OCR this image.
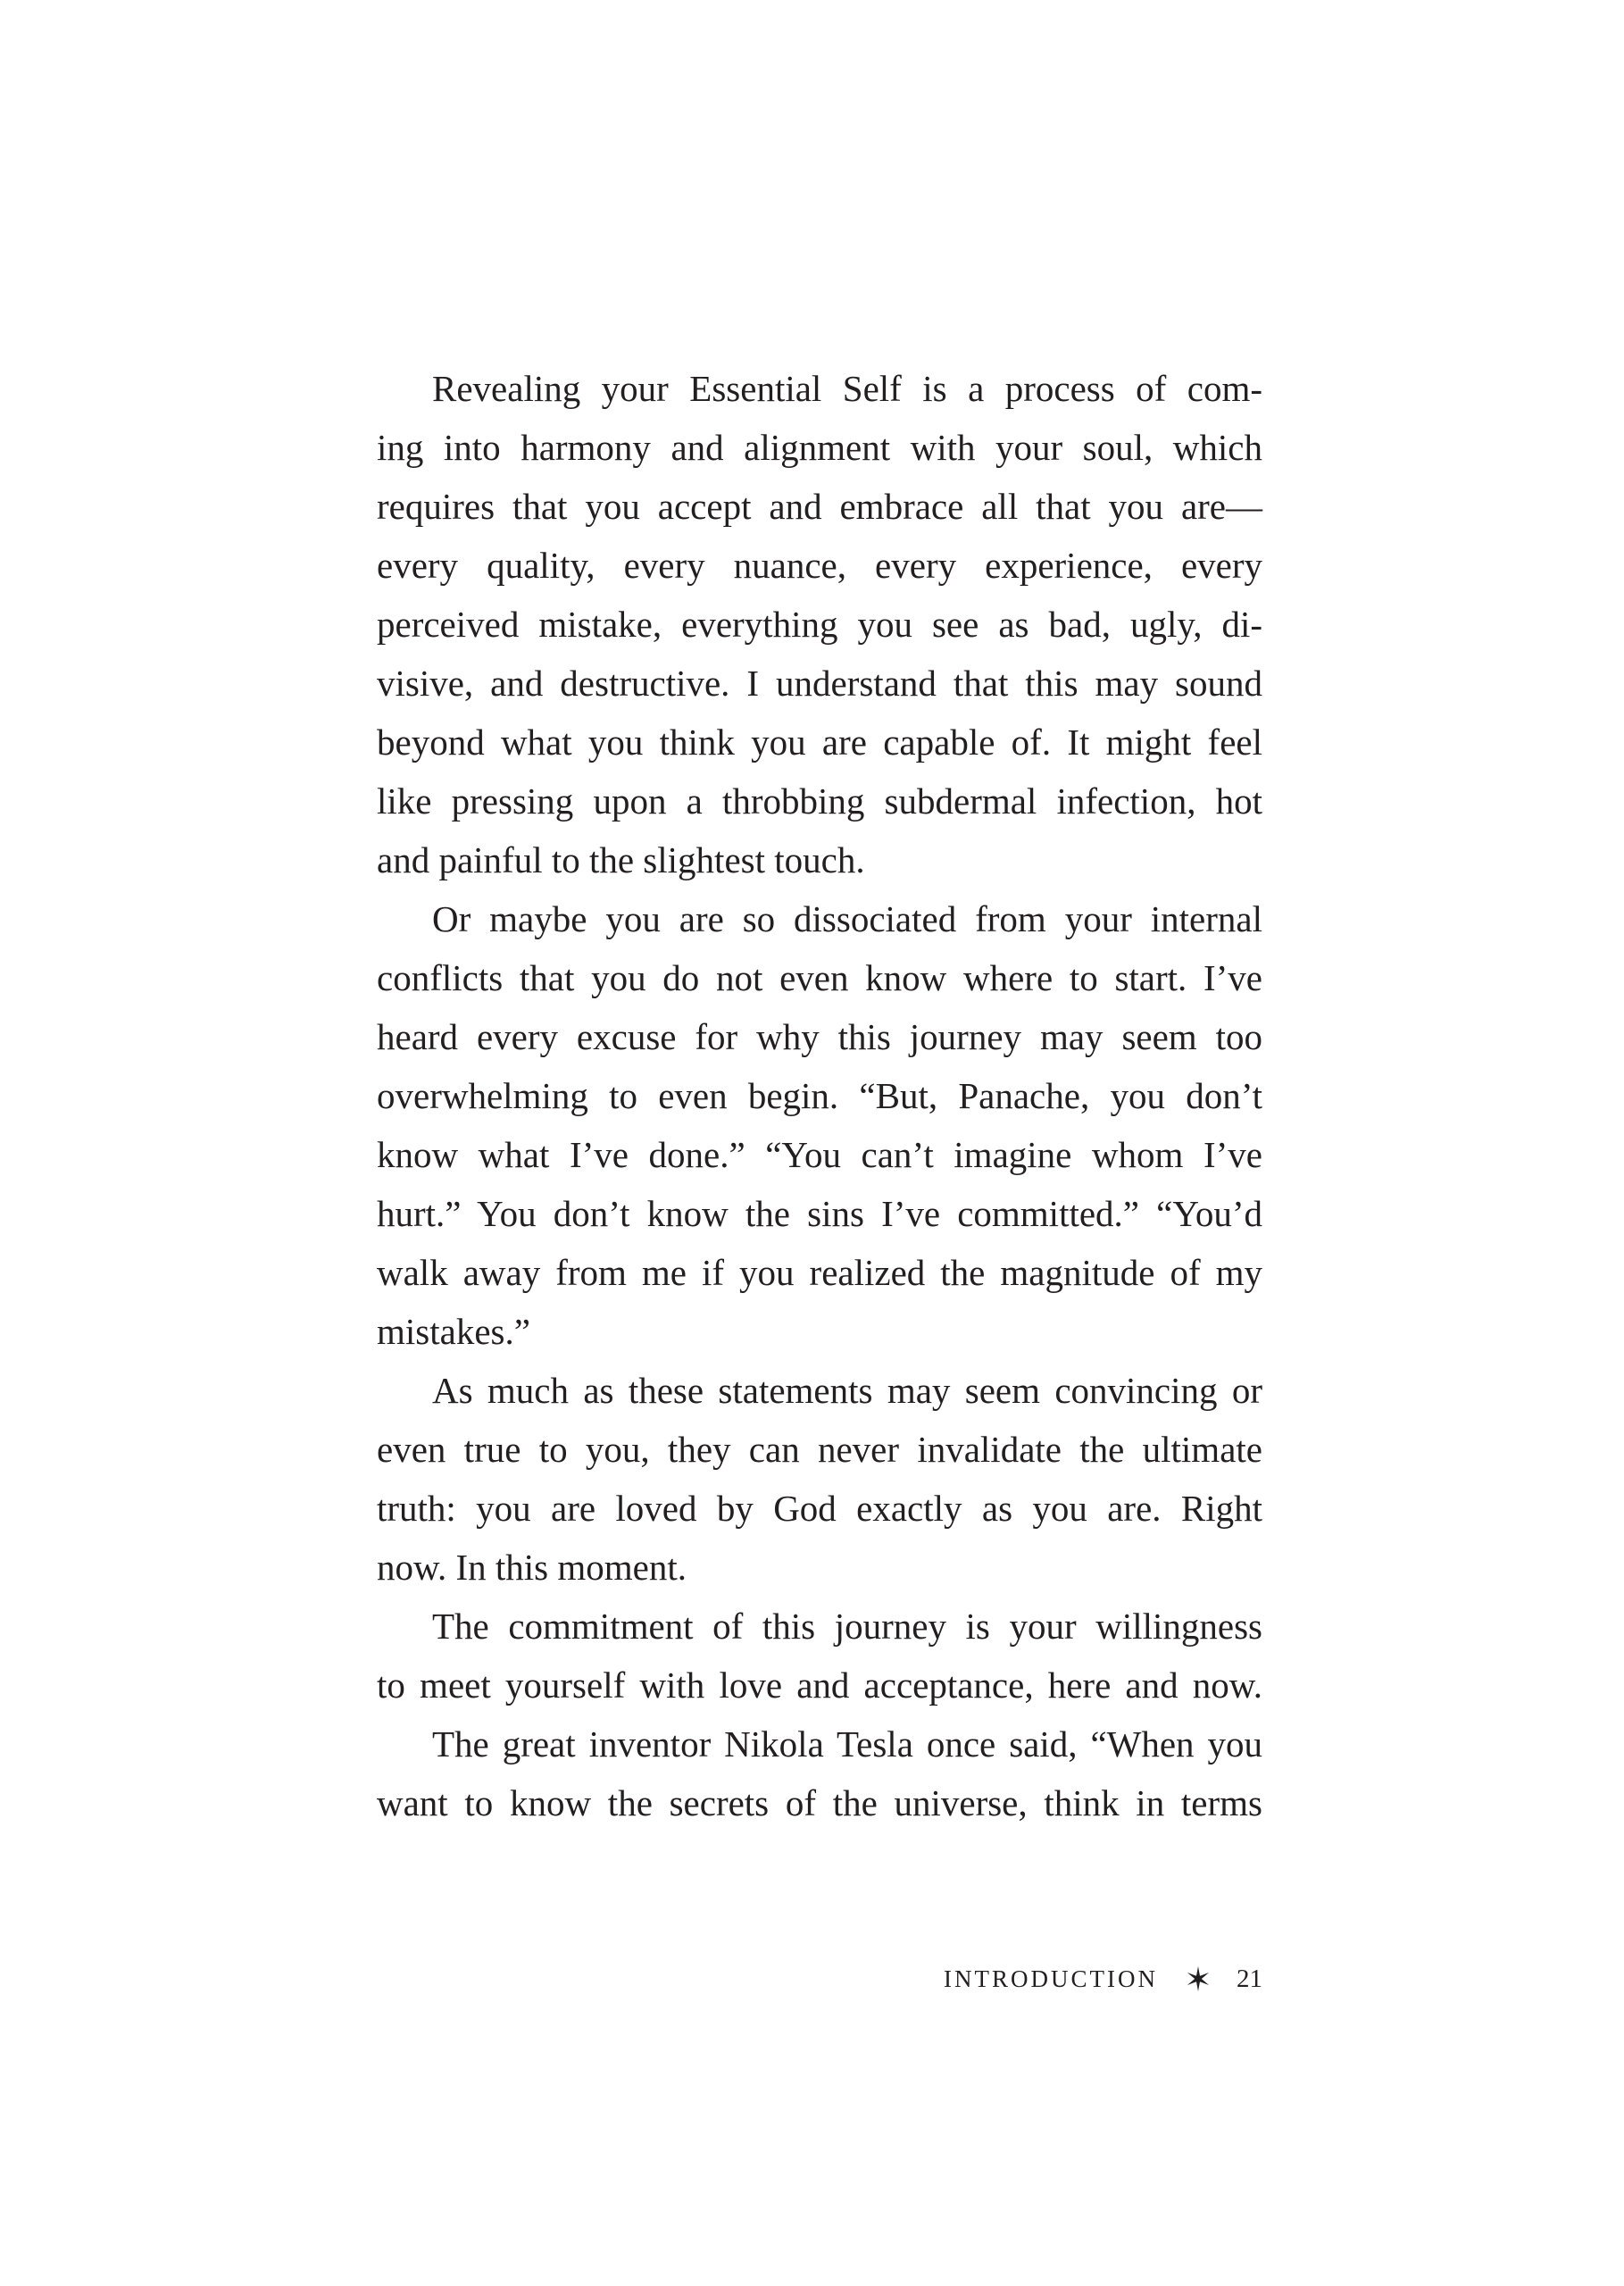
Revealing your Essential Self is a process of com-
ing into harmony and alignment with your soul, which
requires that you accept and embrace all that you are—
every quality, every nuance, every experience, every
perceived mistake, everything you see as bad, ugly, di-
visive, and destructive. I understand that this may sound
beyond what you think you are capable of. It might feel
like pressing upon a throbbing subdermal infection, hot
and painful to the slightest touch.
Or maybe you are so dissociated from your internal
conflicts that you do not even know where to start. I’ve
heard every excuse for why this journey may seem too
overwhelming to even begin. “But, Panache, you don’t
know what I’ve done.” “You can’t imagine whom I’ve
hurt.” You don’t know the sins I’ve committed.” “You’d
walk away from me if you realized the magnitude of my
mistakes.”
As much as these statements may seem convincing or
even true to you, they can never invalidate the ultimate
truth: you are loved by God exactly as you are. Right
now. In this moment.
The commitment of this journey is your willingness
to meet yourself with love and acceptance, here and now.
The great inventor Nikola Tesla once said, “When you
want to know the secrets of the universe, think in terms
INTRODUCTION	21
